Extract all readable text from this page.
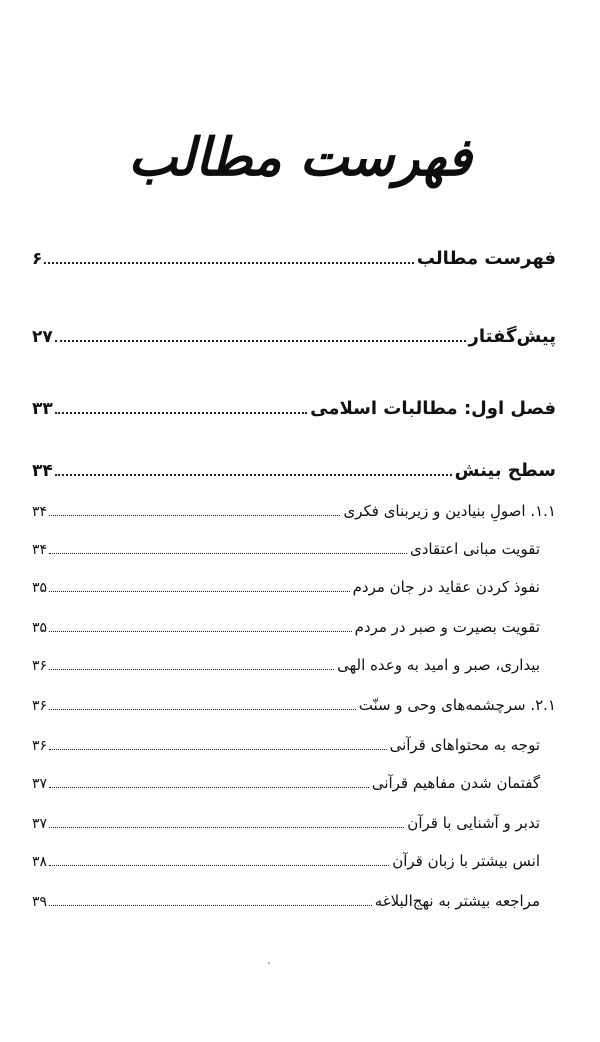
فهرست مطالب
فهرست مطالب
۶
پیش‌گفتار
۲۷
فصل اول: مطالبات اسلامی
۳۳
سطح بینش
۳۴
۱.۱. اصولِ بنیادین و زیربنای فکری
۳۴
تقویت مبانی اعتقادی
۳۴
نفوذ کردن عقاید در جان مردم
۳۵
تقویت بصیرت و صبر در مردم
۳۵
بیداری، صبر و امید به وعده الهی
۳۶
۲.۱. سرچشمه‌های وحی و سنّت
۳۶
توجه به محتواهای قرآنی
۳۶
گفتمان شدن مفاهیم قرآنی
۳۷
تدبر و آشنایی با قرآن
۳۷
انس بیشتر با زبان قرآن
۳۸
مراجعه بیشتر به نهج‌البلاغه
۳۹
